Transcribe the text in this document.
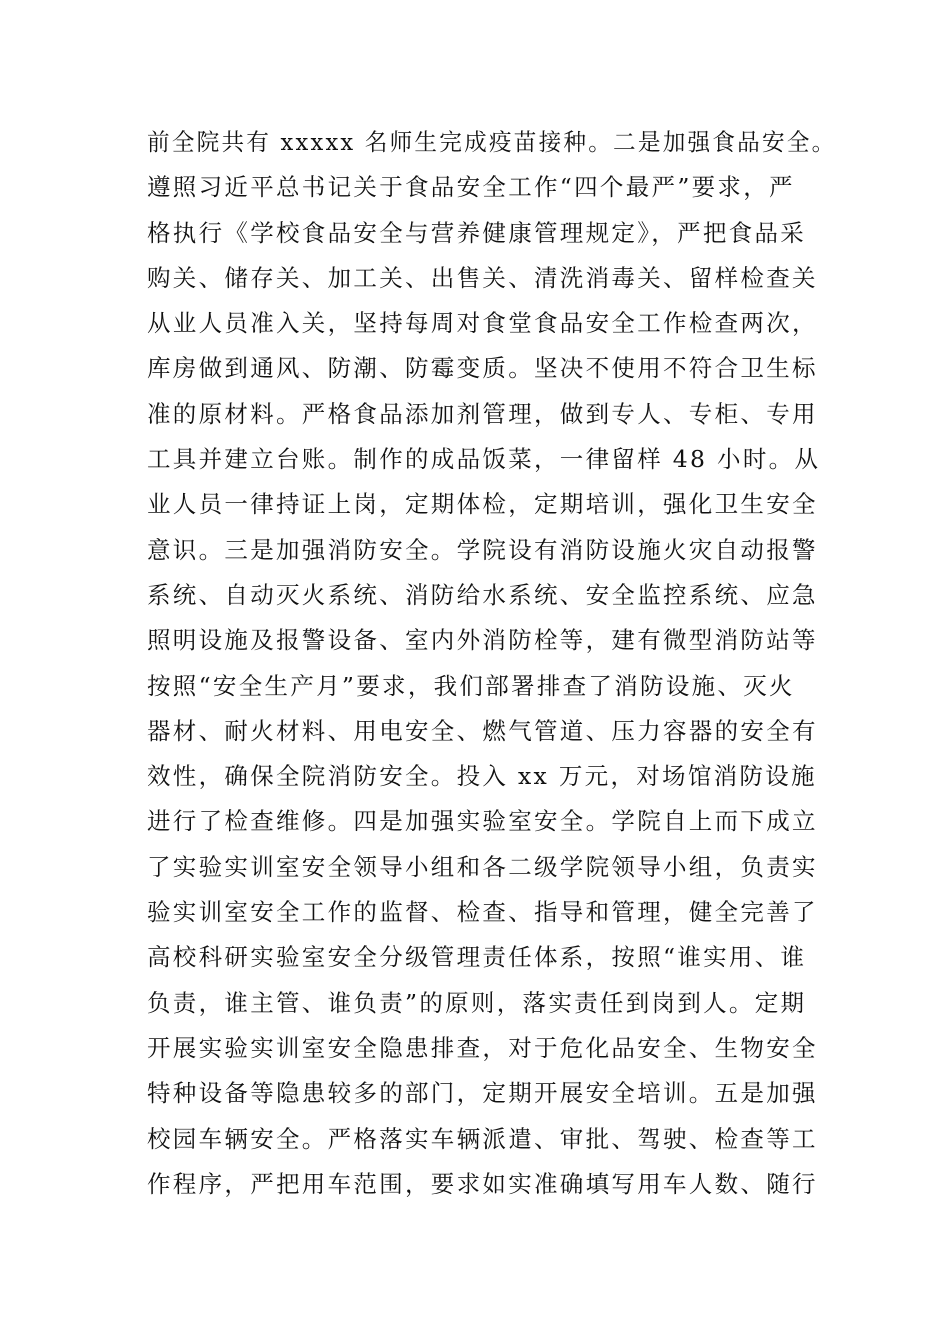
前全院共有 xxxxx 名师生完成疫苗接种。二是加强食品安全。
遵照习近平总书记关于食品安全工作“四个最严”要求，严
格执行《学校食品安全与营养健康管理规定》，严把食品采
购关、储存关、加工关、出售关、清洗消毒关、留样检查关
从业人员准入关，坚持每周对食堂食品安全工作检查两次，
库房做到通风、防潮、防霉变质。坚决不使用不符合卫生标
准的原材料。严格食品添加剂管理，做到专人、专柜、专用
工具并建立台账。制作的成品饭菜，一律留样 48 小时。从
业人员一律持证上岗，定期体检，定期培训，强化卫生安全
意识。三是加强消防安全。学院设有消防设施火灾自动报警
系统、自动灭火系统、消防给水系统、安全监控系统、应急
照明设施及报警设备、室内外消防栓等，建有微型消防站等
按照“安全生产月”要求，我们部署排查了消防设施、灭火
器材、耐火材料、用电安全、燃气管道、压力容器的安全有
效性，确保全院消防安全。投入 xx 万元，对场馆消防设施
进行了检查维修。四是加强实验室安全。学院自上而下成立
了实验实训室安全领导小组和各二级学院领导小组，负责实
验实训室安全工作的监督、检查、指导和管理，健全完善了
高校科研实验室安全分级管理责任体系，按照“谁实用、谁
负责，谁主管、谁负责”的原则，落实责任到岗到人。定期
开展实验实训室安全隐患排查，对于危化品安全、生物安全
特种设备等隐患较多的部门，定期开展安全培训。五是加强
校园车辆安全。严格落实车辆派遣、审批、驾驶、检查等工
作程序，严把用车范围，要求如实准确填写用车人数、随行
